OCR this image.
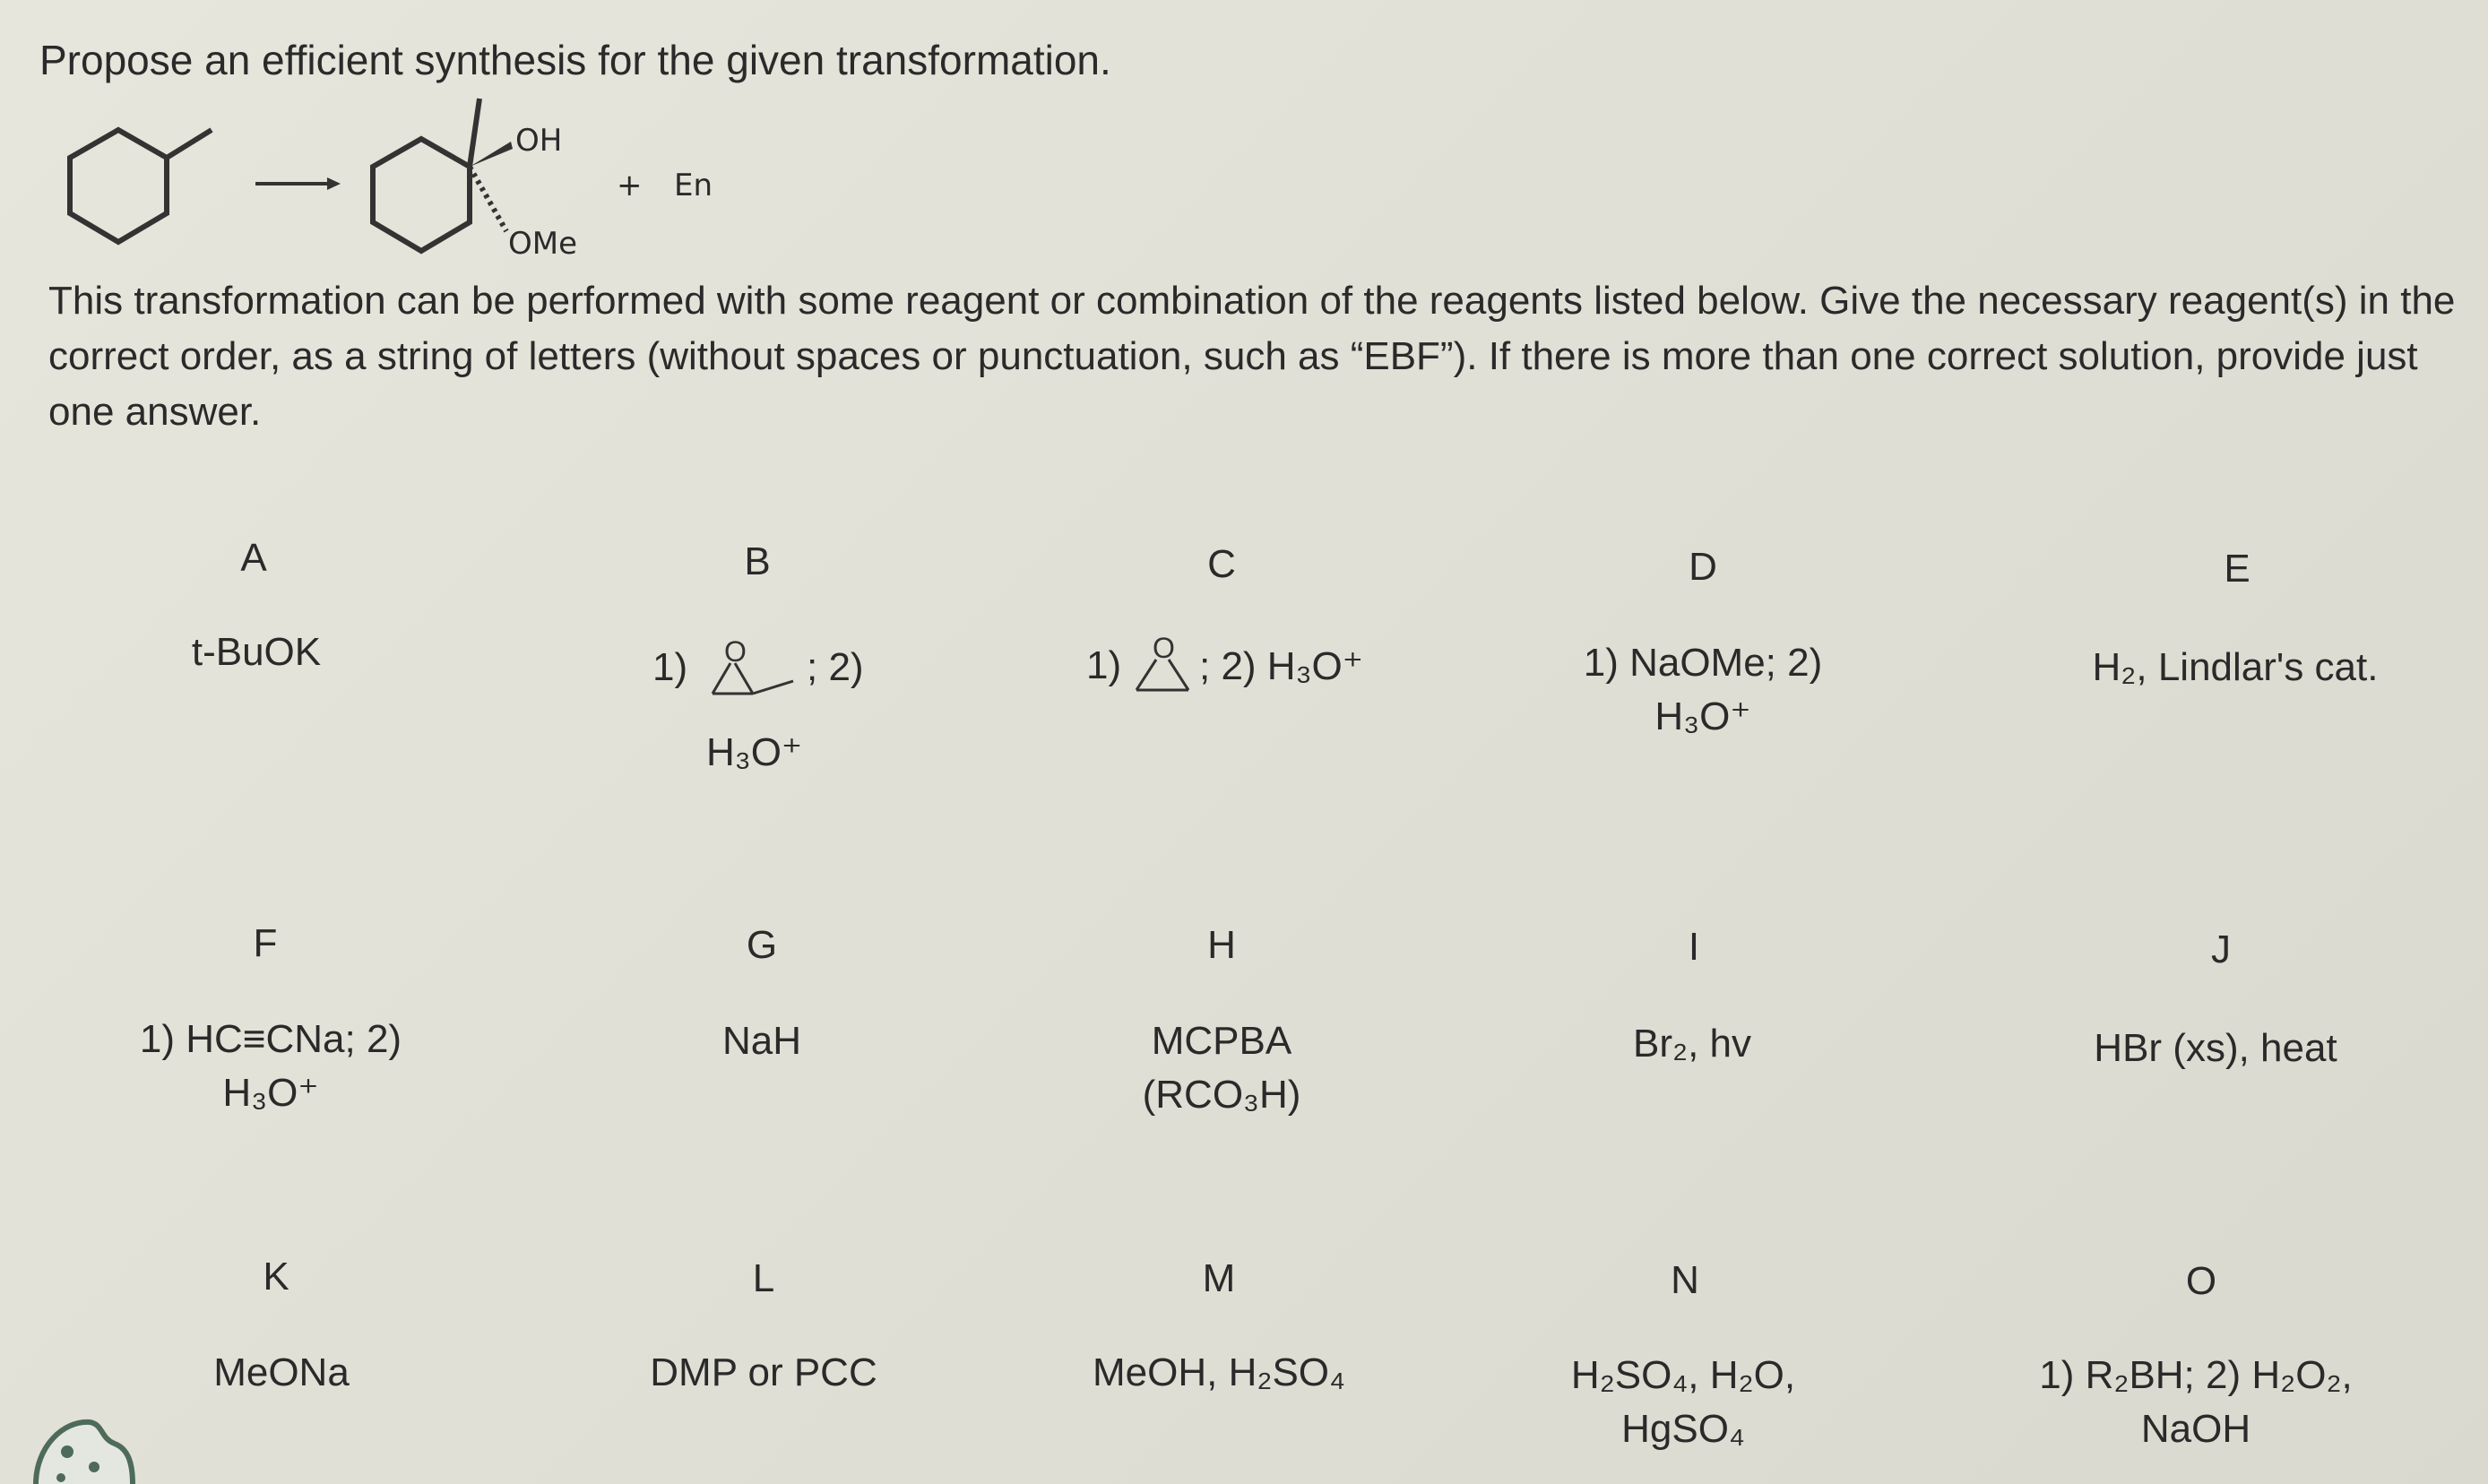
Propose an efficient synthesis for the given transformation.
OH
OMe
+ En
This transformation can be performed with some reagent or combination of the reagents listed below. Give the necessary reagent(s) in the correct order, as a string of letters (without spaces or punctuation, such as “EBF”). If there is more than one correct solution, provide just one answer.
A
t-BuOK
B
1) O ; 2)
H₃O⁺
C
1) O ; 2) H₃O⁺
D
1) NaOMe; 2)
H₃O⁺
E
H₂, Lindlar's cat.
F
1) HC≡CNa; 2)
H₃O⁺
G
NaH
H
MCPBA
(RCO₃H)
I
Br₂, hv
J
HBr (xs), heat
K
MeONa
L
DMP or PCC
M
MeOH, H₂SO₄
N
H₂SO₄, H₂O,
HgSO₄
O
1) R₂BH; 2) H₂O₂,
NaOH
